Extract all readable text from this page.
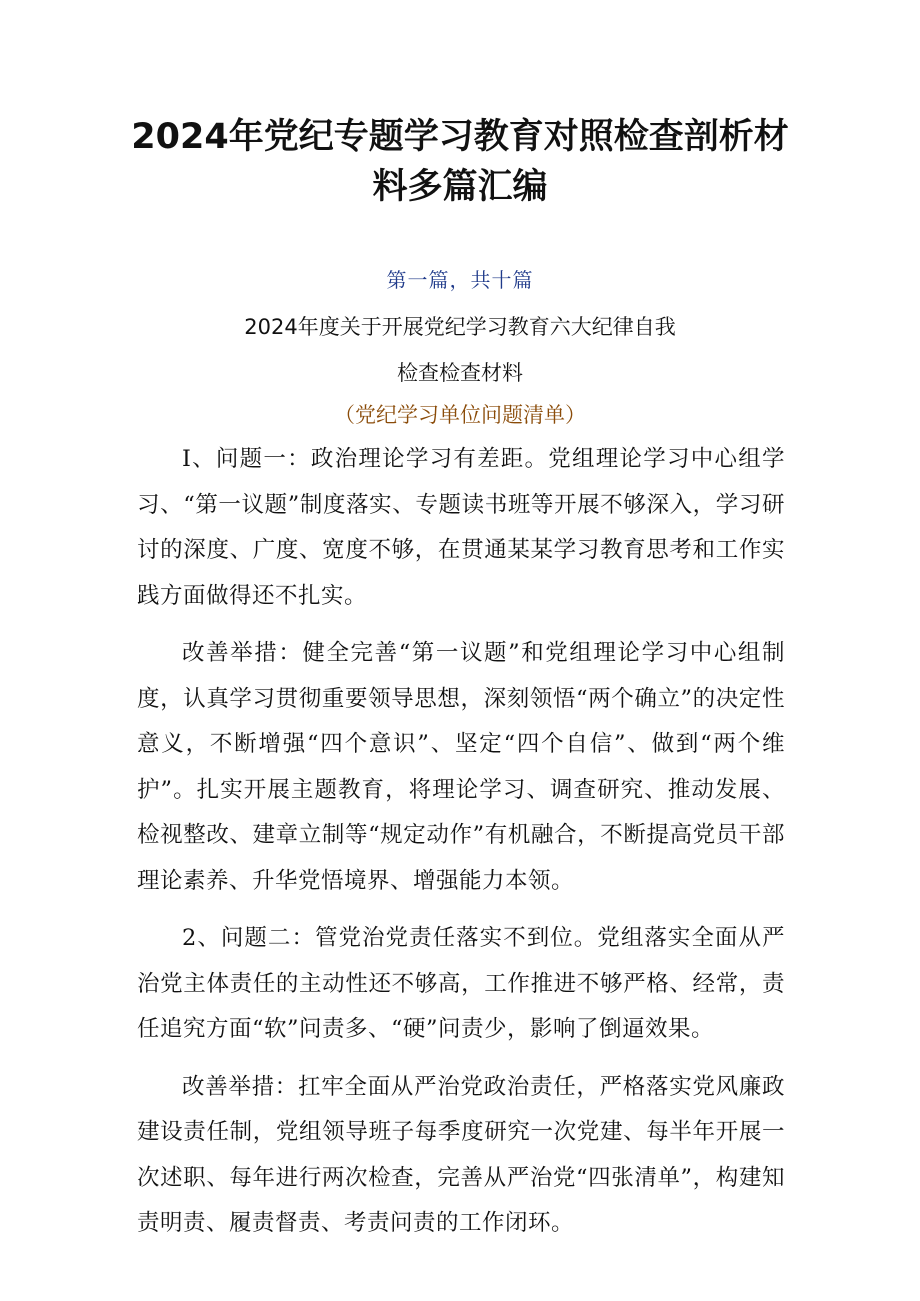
2024年党纪专题学习教育对照检查剖析材料多篇汇编
第一篇，共十篇
2024年度关于开展党纪学习教育六大纪律自我
检查检查材料
（党纪学习单位问题清单）

I、问题一：政治理论学习有差距。党组理论学习中心组学习、“第一议题”制度落实、专题读书班等开展不够深入，学习研讨的深度、广度、宽度不够，在贯通某某学习教育思考和工作实践方面做得还不扎实。

改善举措：健全完善“第一议题”和党组理论学习中心组制度，认真学习贯彻重要领导思想，深刻领悟“两个确立”的决定性意义，不断增强“四个意识”、坚定“四个自信”、做到“两个维护”。扎实开展主题教育，将理论学习、调查研究、推动发展、检视整改、建章立制等“规定动作”有机融合，不断提高党员干部理论素养、升华党悟境界、增强能力本领。

2、问题二：管党治党责任落实不到位。党组落实全面从严治党主体责任的主动性还不够高，工作推进不够严格、经常，责任追究方面“软”问责多、“硬”问责少，影响了倒逼效果。

改善举措：扛牢全面从严治党政治责任，严格落实党风廉政建设责任制，党组领导班子每季度研究一次党建、每半年开展一次述职、每年进行两次检查，完善从严治党“四张清单”，构建知责明责、履责督责、考责问责的工作闭环。
